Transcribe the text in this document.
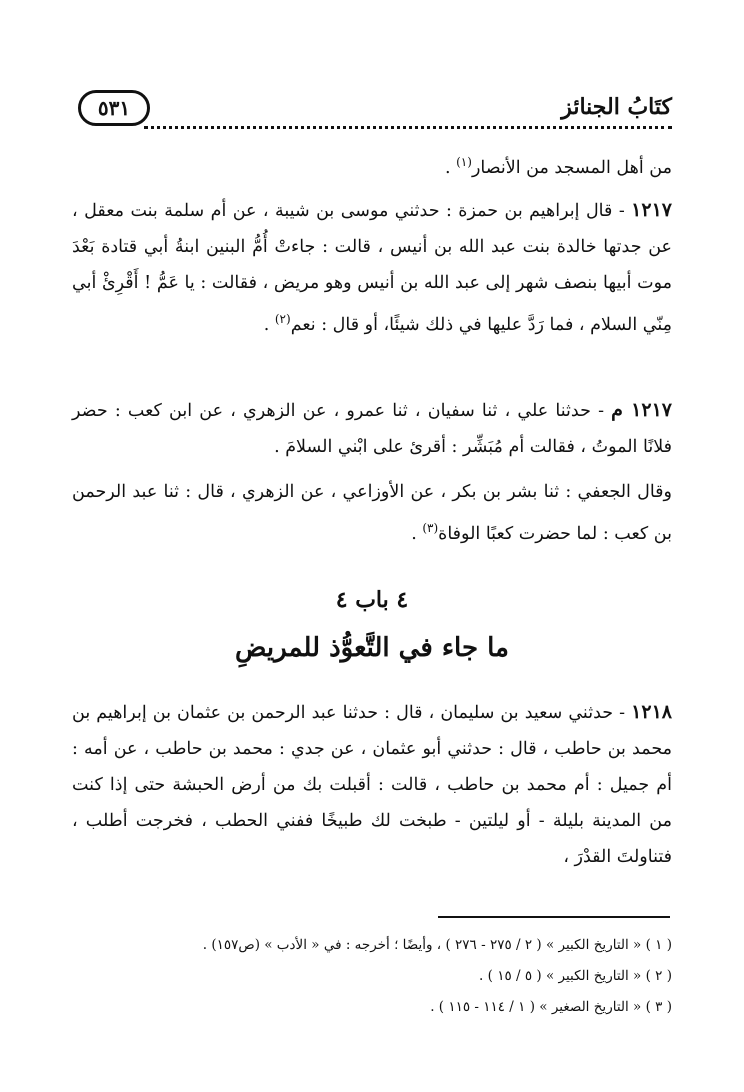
كتَابُ الجنائز
٥٣١
من أهل المسجد من الأنصار$^{(١)}$ .
١٢١٧ - قال إبراهيم بن حمزة : حدثني موسى بن شيبة ، عن أم سلمة بنت معقل ، عن جدتها خالدة بنت عبد الله بن أنيس ، قالت : جاءتْ أُمُّ البنين ابنةُ أبي قتادة بَعْدَ موت أبيها بنصف شهر إلى عبد الله بن أنيس وهو مريض ، فقالت : يا عَمُّ ! أَقْرِئْ أبي مِنّي السلام ، فما رَدَّ عليها في ذلك شيئًا، أو قال : نعم$^{(٢)}$ .
١٢١٧ م - حدثنا علي ، ثنا سفيان ، ثنا عمرو ، عن الزهري ، عن ابن كعب : حضر فلانًا الموتُ ، فقالت أم مُبَشِّر : أقرئ على ابْني السلامَ .
وقال الجعفي : ثنا بشر بن بكر ، عن الأوزاعي ، عن الزهري ، قال : ثنا عبد الرحمن بن كعب : لما حضرت كعبًا الوفاة$^{(٣)}$ .
٤ باب ٤
ما جاء في التَّعوُّذ للمريضِ
١٢١٨ - حدثني سعيد بن سليمان ، قال : حدثنا عبد الرحمن بن عثمان بن إبراهيم بن محمد بن حاطب ، قال : حدثني أبو عثمان ، عن جدي : محمد بن حاطب ، عن أمه : أم جميل : أم محمد بن حاطب ، قالت : أقبلت بك من أرض الحبشة حتى إذا كنت من المدينة بليلة - أو ليلتين - طبخت لك طبيخًا ففني الحطب ، فخرجت أطلب ، فتناولتَ القدْرَ ،
( ١ ) « التاريخ الكبير » ( ٢ / ٢٧٥ - ٢٧٦ ) ، وأيضًا ؛ أخرجه : في « الأدب » (ص١٥٧) .
( ٢ ) « التاريخ الكبير » ( ٥ / ١٥ ) .
( ٣ ) « التاريخ الصغير » ( ١ / ١١٤ - ١١٥ ) .
